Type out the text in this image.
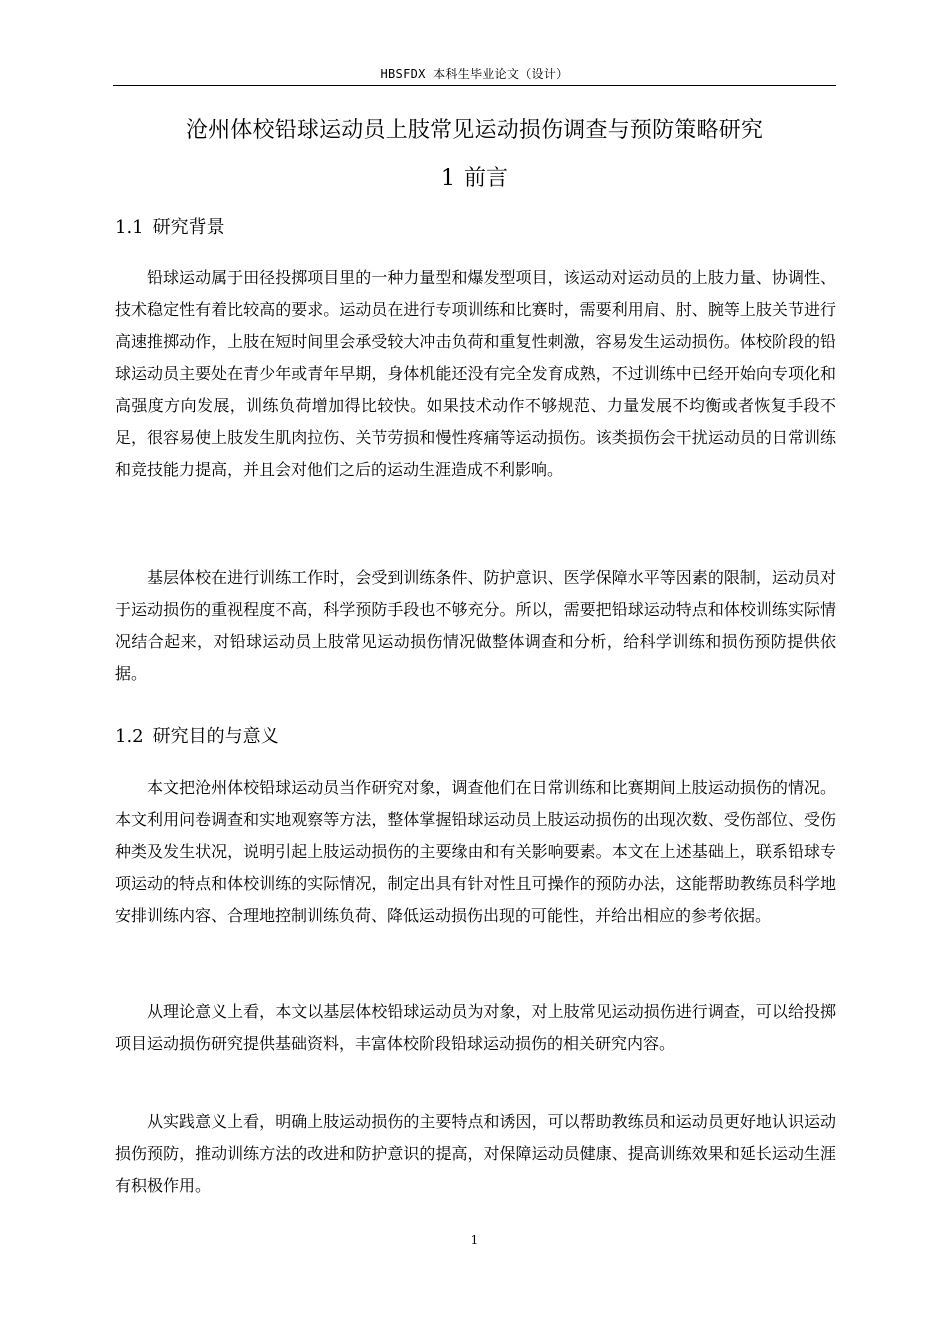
HBSFDX 本科生毕业论文（设计）
沧州体校铅球运动员上肢常见运动损伤调查与预防策略研究
1 前言
1.1 研究背景

铅球运动属于田径投掷项目里的一种力量型和爆发型项目，该运动对运动员的上肢力量、协调性、技术稳定性有着比较高的要求。运动员在进行专项训练和比赛时，需要利用肩、肘、腕等上肢关节进行高速推掷动作，上肢在短时间里会承受较大冲击负荷和重复性刺激，容易发生运动损伤。体校阶段的铅球运动员主要处在青少年或青年早期，身体机能还没有完全发育成熟，不过训练中已经开始向专项化和高强度方向发展，训练负荷增加得比较快。如果技术动作不够规范、力量发展不均衡或者恢复手段不足，很容易使上肢发生肌肉拉伤、关节劳损和慢性疼痛等运动损伤。该类损伤会干扰运动员的日常训练和竞技能力提高，并且会对他们之后的运动生涯造成不利影响。

基层体校在进行训练工作时，会受到训练条件、防护意识、医学保障水平等因素的限制，运动员对于运动损伤的重视程度不高，科学预防手段也不够充分。所以，需要把铅球运动特点和体校训练实际情况结合起来，对铅球运动员上肢常见运动损伤情况做整体调查和分析，给科学训练和损伤预防提供依据。

1.2 研究目的与意义

本文把沧州体校铅球运动员当作研究对象，调查他们在日常训练和比赛期间上肢运动损伤的情况。本文利用问卷调查和实地观察等方法，整体掌握铅球运动员上肢运动损伤的出现次数、受伤部位、受伤种类及发生状况，说明引起上肢运动损伤的主要缘由和有关影响要素。本文在上述基础上，联系铅球专项运动的特点和体校训练的实际情况，制定出具有针对性且可操作的预防办法，这能帮助教练员科学地安排训练内容、合理地控制训练负荷、降低运动损伤出现的可能性，并给出相应的参考依据。

从理论意义上看，本文以基层体校铅球运动员为对象，对上肢常见运动损伤进行调查，可以给投掷项目运动损伤研究提供基础资料，丰富体校阶段铅球运动损伤的相关研究内容。

从实践意义上看，明确上肢运动损伤的主要特点和诱因，可以帮助教练员和运动员更好地认识运动损伤预防，推动训练方法的改进和防护意识的提高，对保障运动员健康、提高训练效果和延长运动生涯有积极作用。

1
